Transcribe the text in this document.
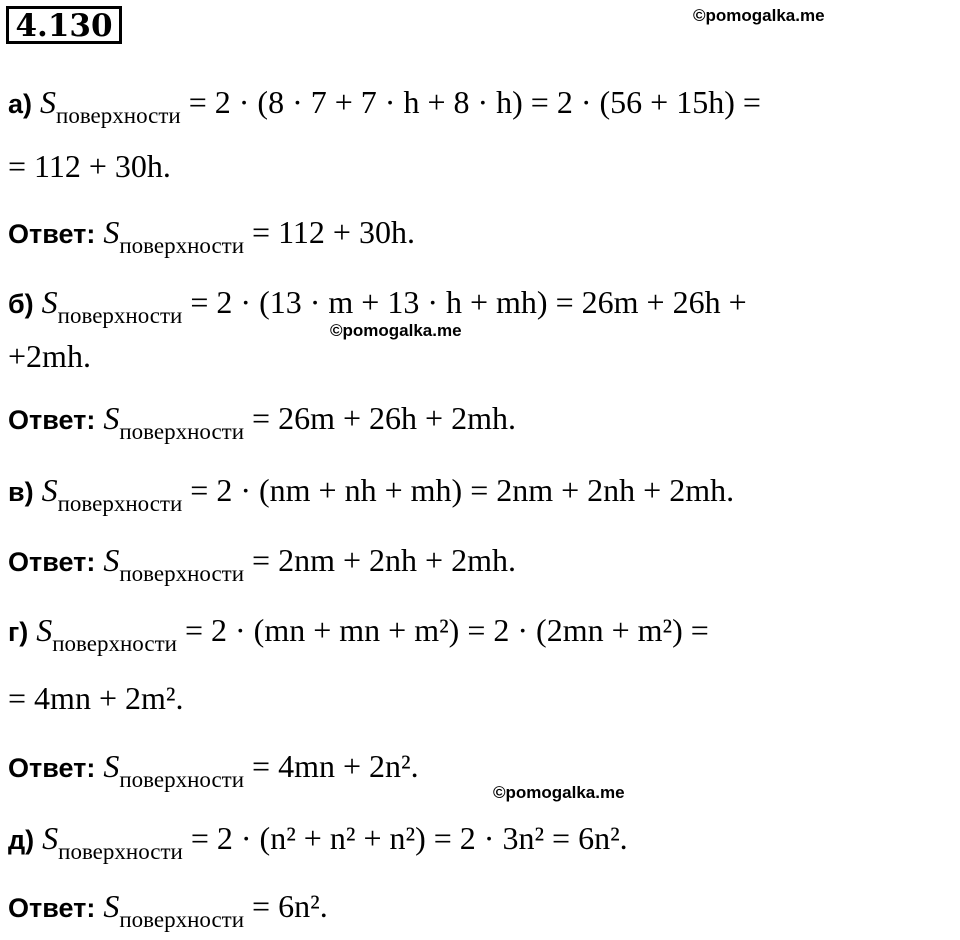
4.130	©pomogalka.me
©pomogalka.me
©pomogalka.me
а) $S_{поверхности} = 2 \cdot (8 \cdot 7 + 7 \cdot h + 8 \cdot h) = 2 \cdot (56 + 15h)$ =
= 112 + 30h.
Ответ: $S_{поверхности} = 112 + 30h$.
б) $S_{поверхности} = 2 \cdot (13 \cdot m + 13 \cdot h + mh) = 26m + 26h$ +
+2mh.
Ответ: $S_{поверхности} = 26m + 26h + 2mh$.
в) $S_{поверхности} = 2 \cdot (nm$ + nh + mh) = 2nm + 2nh + 2mh.
Ответ: $S_{поверхности} = 2nm + 2nh + 2mh$.
г) $S_{поверхности} = 2 \cdot (mn$ + mn + m²) = 2 · (2mn + m²) =
= 4mn + 2m².
Ответ: $S_{поверхности} = 4mn + 2n^2$.
д) $S_{поверхности} = 2 \cdot (n^2 + n^2 + n^2) = 2 \cdot 3n^2 = 6n^2$.
Ответ: $S_{поверхности} = 6n^2$.
